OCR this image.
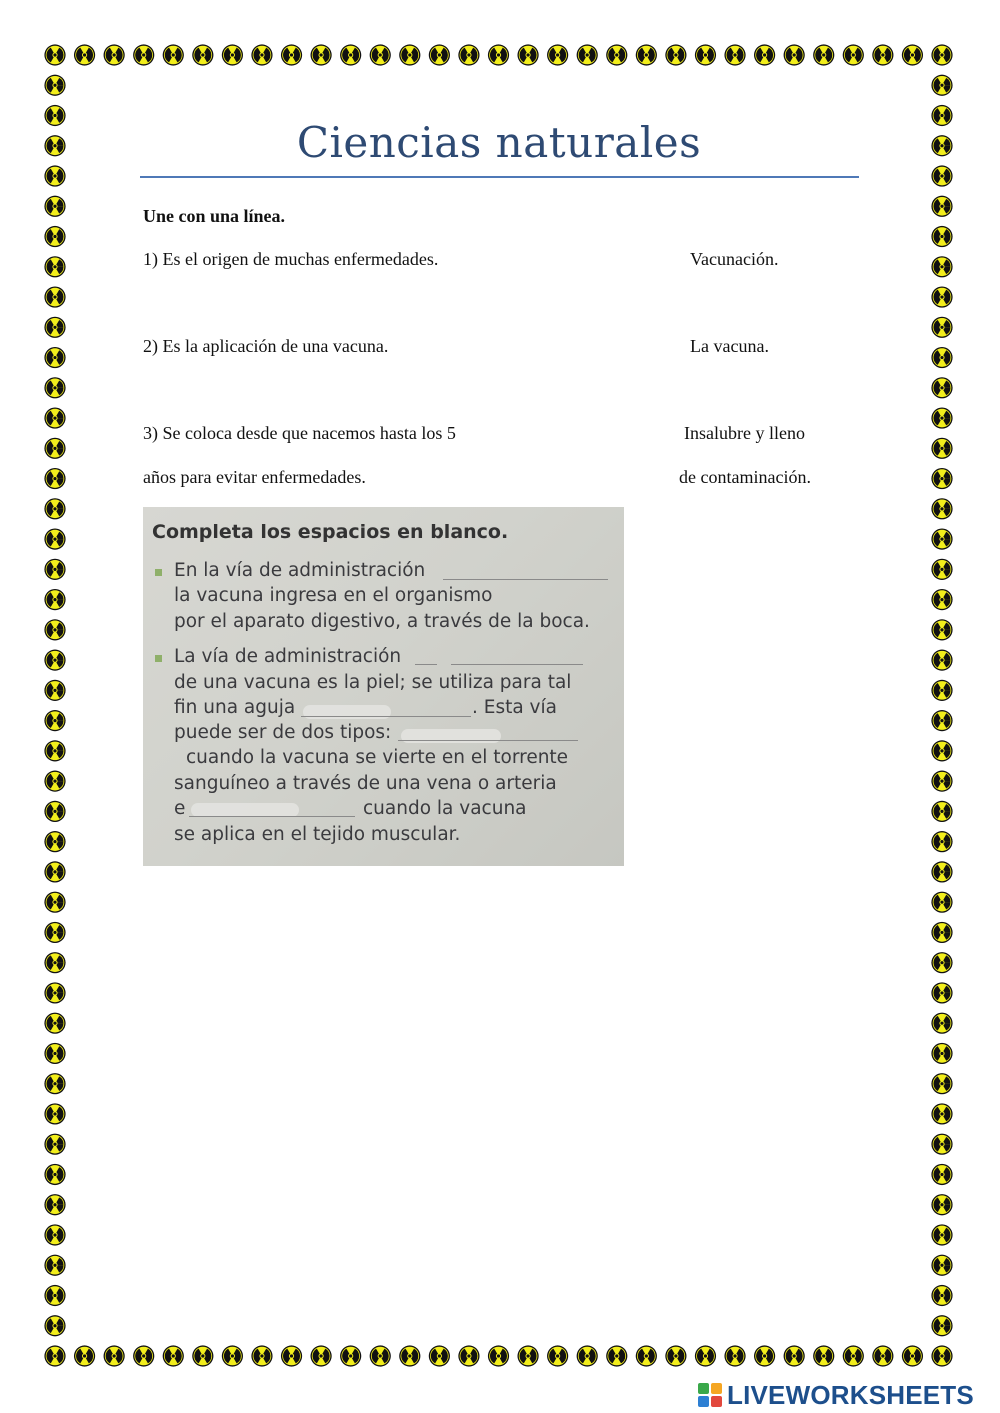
Ciencias naturales
Une con una línea.
1) Es el origen de muchas enfermedades.	Vacunación.
2) Es la aplicación de una vacuna.	La vacuna.
3) Se coloca desde que nacemos hasta los 5	Insalubre y lleno
años para evitar enfermedades.	de contaminación.
Completa los espacios en blanco.
En la vía de administración
la vacuna ingresa en el organismo
por el aparato digestivo, a través de la boca.
La vía de administración
de una vacuna es la piel; se utiliza para tal
fin una aguja	. Esta vía
puede ser de dos tipos:
cuando la vacuna se vierte en el torrente
sanguíneo a través de una vena o arteria
e	cuando la vacuna
se aplica en el tejido muscular.
LIVEWORKSHEETS
